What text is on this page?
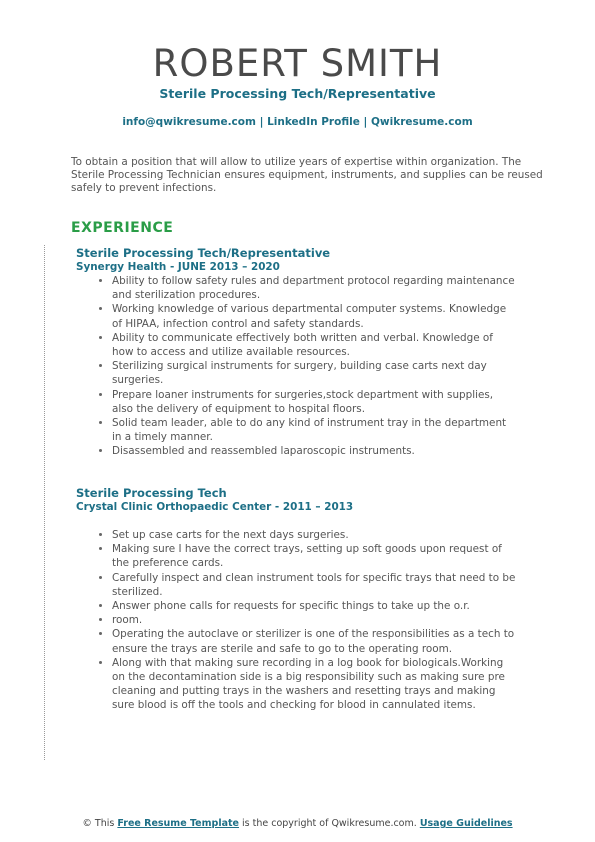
ROBERT SMITH
Sterile Processing Tech/Representative
info@qwikresume.com | LinkedIn Profile | Qwikresume.com
To obtain a position that will allow to utilize years of expertise within organization. The Sterile Processing Technician ensures equipment, instruments, and supplies can be reused safely to prevent infections.
EXPERIENCE
Sterile Processing Tech/Representative
Synergy Health - JUNE 2013 – 2020
• Ability to follow safety rules and department protocol regarding maintenance and sterilization procedures.
• Working knowledge of various departmental computer systems. Knowledge of HIPAA, infection control and safety standards.
• Ability to communicate effectively both written and verbal. Knowledge of how to access and utilize available resources.
• Sterilizing surgical instruments for surgery, building case carts next day surgeries.
• Prepare loaner instruments for surgeries,stock department with supplies, also the delivery of equipment to hospital floors.
• Solid team leader, able to do any kind of instrument tray in the department in a timely manner.
• Disassembled and reassembled laparoscopic instruments.
Sterile Processing Tech
Crystal Clinic Orthopaedic Center - 2011 – 2013
• Set up case carts for the next days surgeries.
• Making sure I have the correct trays, setting up soft goods upon request of the preference cards.
• Carefully inspect and clean instrument tools for specific trays that need to be sterilized.
• Answer phone calls for requests for specific things to take up the o.r.
• room.
• Operating the autoclave or sterilizer is one of the responsibilities as a tech to ensure the trays are sterile and safe to go to the operating room.
• Along with that making sure recording in a log book for biologicals.Working on the decontamination side is a big responsibility such as making sure pre cleaning and putting trays in the washers and resetting trays and making sure blood is off the tools and checking for blood in cannulated items.
© This Free Resume Template is the copyright of Qwikresume.com. Usage Guidelines
